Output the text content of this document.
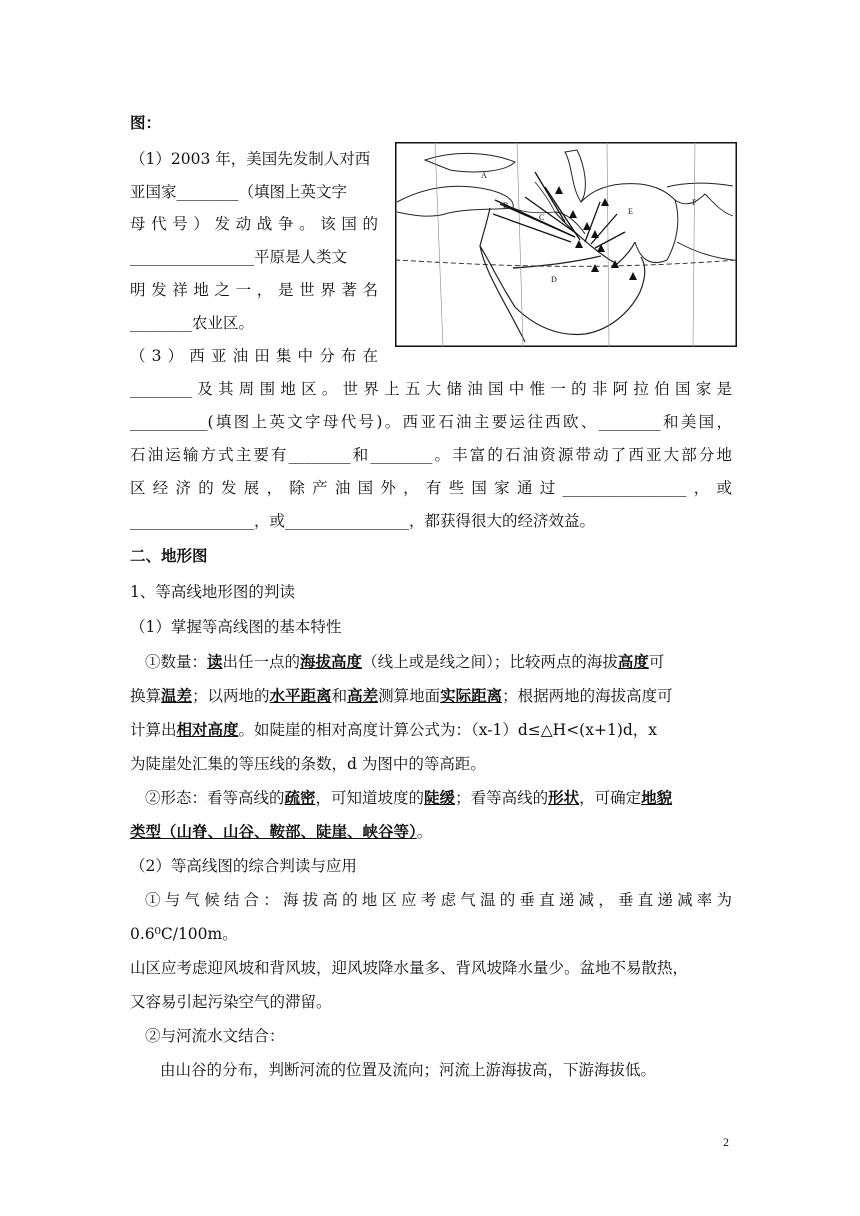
图：
（1）2003 年，美国先发制人对西
亚国家________（填图上英文字
母代号）发动战争。该国的
________________平原是人类文
明发祥地之一，是世界著名
________农业区。
（3）西亚油田集中分布在
A
B
C
D
E
F
________及其周围地区。世界上五大储油国中惟一的非阿拉伯国家是
__________(填图上英文字母代号)。西亚石油主要运往西欧、________和美国，
石油运输方式主要有________和________。丰富的石油资源带动了西亚大部分地
区经济的发展，除产油国外，有些国家通过________________，或
________________，或________________，都获得很大的经济效益。
二、地形图
1、等高线地形图的判读
（1）掌握等高线图的基本特性
①数量：读出任一点的海拔高度（线上或是线之间）；比较两点的海拔高度可
换算温差；以两地的水平距离和高差测算地面实际距离；根据两地的海拔高度可
计算出相对高度。如陡崖的相对高度计算公式为：（x-1）d≤△H<(x+1)d，x
为陡崖处汇集的等压线的条数，d 为图中的等高距。
②形态：看等高线的疏密，可知道坡度的陡缓；看等高线的形状，可确定地貌
类型（山脊、山谷、鞍部、陡崖、峡谷等）。
（2）等高线图的综合判读与应用
①与气候结合：海拔高的地区应考虑气温的垂直递减，垂直递减率为
0.6⁰C/100m。
山区应考虑迎风坡和背风坡，迎风坡降水量多、背风坡降水量少。盆地不易散热，
又容易引起污染空气的滞留。
②与河流水文结合：
由山谷的分布，判断河流的位置及流向；河流上游海拔高，下游海拔低。
2
